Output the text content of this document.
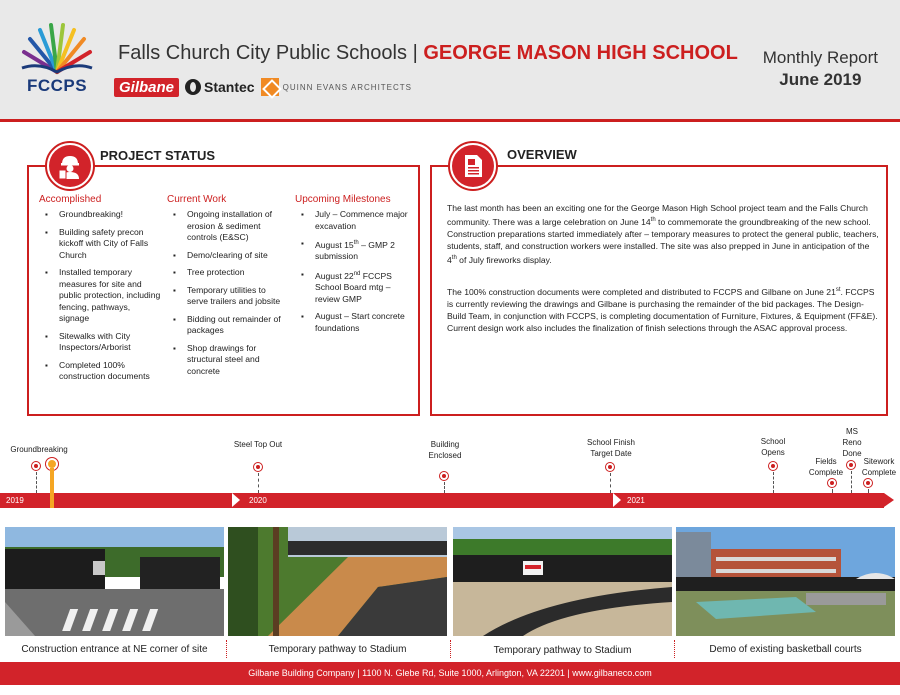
FCCPS
Falls Church City Public Schools | GEORGE MASON HIGH SCHOOL
Gilbane	Stantec	QUINN EVANS ARCHITECTS
Monthly Report
June 2019
Accomplished
▪ Groundbreaking!
▪ Building safety precon kickoff with City of Falls Church
▪ Installed temporary measures for site and public protection, including fencing, pathways, signage
▪ Sitewalks with City Inspectors/Arborist
▪ Completed 100% construction documents
Current Work
▪ Ongoing installation of erosion & sediment controls (E&SC)
▪ Demo/clearing of site
▪ Tree protection
▪ Temporary utilities to serve trailers and jobsite
▪ Bidding out remainder of packages
▪ Shop drawings for structural steel and concrete
Upcoming Milestones
▪ July – Commence major excavation
▪ August 15th – GMP 2 submission
▪ August 22nd FCCPS School Board mtg – review GMP
▪ August – Start concrete foundations
PROJECT STATUS

The last month has been an exciting one for the George Mason High School project team and the Falls Church community. There was a large celebration on June 14th to commemorate the groundbreaking of the new school. Construction preparations started immediately after – temporary measures to protect the general public, teachers, students, staff, and construction workers were installed. The site was also prepped in June in anticipation of the 4th of July fireworks display.

The 100% construction documents were completed and distributed to FCCPS and Gilbane on June 21st. FCCPS is currently reviewing the drawings and Gilbane is purchasing the remainder of the bid packages. The Design-Build Team, in conjunction with FCCPS, is completing documentation of Furniture, Fixtures, & Equipment (FF&E). Current design work also includes the finalization of finish selections through the ASAC approval process.

OVERVIEW
2019	2020	2021
Groundbreaking
Steel Top Out	Building Enclosed
School Finish Target Date
School Opens
Fields Complete
MS Reno Done
Sitework Complete
Construction entrance at NE corner of site	Temporary pathway to Stadium	Temporary pathway to Stadium	Demo of existing basketball courts
Gilbane Building Company | 1100 N. Glebe Rd, Suite 1000, Arlington, VA 22201 | www.gilbaneco.com
